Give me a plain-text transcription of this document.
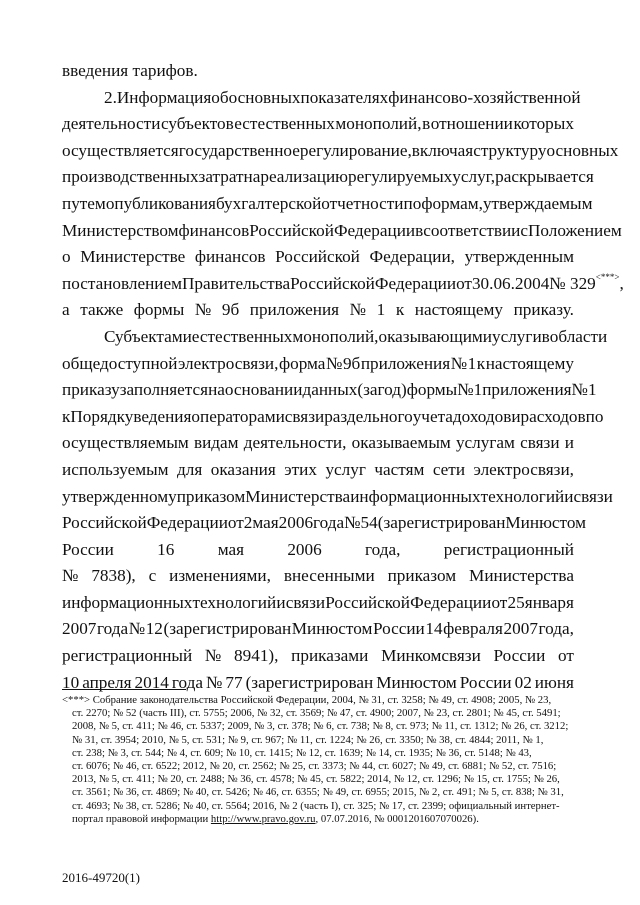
введения тарифов.
2. Информация об основных показателях финансово-хозяйственной
деятельности субъектов естественных монополий, в отношении которых
осуществляется государственное регулирование, включая структуру основных
производственных затрат на реализацию регулируемых услуг, раскрывается
путем опубликования бухгалтерской отчетности по формам, утверждаемым
Министерством финансов Российской Федерации в соответствии с Положением
о Министерстве финансов Российской Федерации, утвержденным
постановлением Правительства Российской Федерации от 30.06.2004 № 329<***>,
а также формы № 9б приложения № 1 к настоящему приказу.
Субъектами естественных монополий, оказывающими услуги в области
общедоступной электросвязи, форма № 9б приложения № 1 к настоящему
приказу заполняется на основании данных (за год) формы № 1 приложения №1
к Порядку ведения операторами связи раздельного учета доходов и расходов по
осуществляемым видам деятельности, оказываемым услугам связи и
используемым для оказания этих услуг частям сети электросвязи,
утвержденному приказом Министерства информационных технологий и связи
Российской Федерации от 2 мая 2006 года № 54 (зарегистрирован Минюстом
России	16	мая	2006	года,	регистрационный
№ 7838), с изменениями, внесенными приказом Министерства
информационных технологий и связи Российской Федерации от 25 января
2007 года № 12 (зарегистрирован Минюстом России 14 февраля 2007 года,
регистрационный № 8941), приказами Минкомсвязи России от
10 апреля 2014 года № 77 (зарегистрирован Минюстом России 02 июня
<***> Собрание законодательства Российской Федерации, 2004, № 31, ст. 3258; № 49, ст. 4908; 2005, № 23,
ст. 2270; № 52 (часть III), ст. 5755; 2006, № 32, ст. 3569; № 47, ст. 4900; 2007, № 23, ст. 2801; № 45, ст. 5491;
2008, № 5, ст. 411; № 46, ст. 5337; 2009, № 3, ст. 378; № 6, ст. 738; № 8, ст. 973; № 11, ст. 1312; № 26, ст. 3212;
№ 31, ст. 3954; 2010, № 5, ст. 531; № 9, ст. 967; № 11, ст. 1224; № 26, ст. 3350; № 38, ст. 4844; 2011, № 1,
ст. 238; № 3, ст. 544; № 4, ст. 609; № 10, ст. 1415; № 12, ст. 1639; № 14, ст. 1935; № 36, ст. 5148; № 43,
ст. 6076; № 46, ст. 6522; 2012, № 20, ст. 2562; № 25, ст. 3373; № 44, ст. 6027; № 49, ст. 6881; № 52, ст. 7516;
2013, № 5, ст. 411; № 20, ст. 2488; № 36, ст. 4578; № 45, ст. 5822; 2014, № 12, ст. 1296; № 15, ст. 1755; № 26,
ст. 3561; № 36, ст. 4869; № 40, ст. 5426; № 46, ст. 6355; № 49, ст. 6955; 2015, № 2, ст. 491; № 5, ст. 838; № 31,
ст. 4693; № 38, ст. 5286; № 40, ст. 5564; 2016, № 2 (часть I), ст. 325; № 17, ст. 2399; официальный интернет-
портал правовой информации http://www.pravo.gov.ru, 07.07.2016, № 0001201607070026).
2016-49720(1)
